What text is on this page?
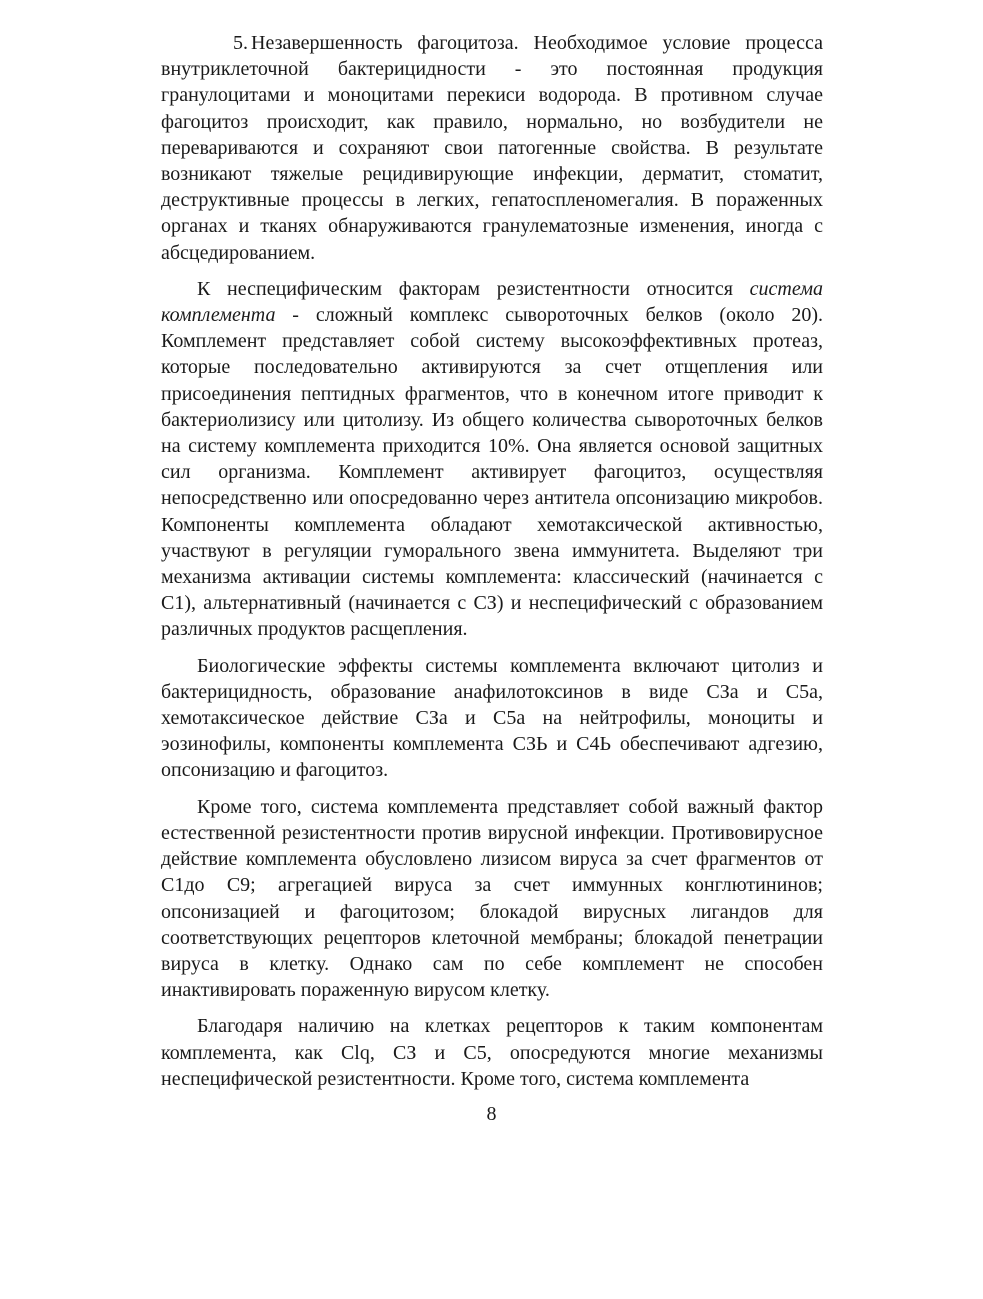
5. Незавершенность фагоцитоза. Необходимое условие процесса внутриклеточной бактерицидности - это постоянная продукция гранулоцитами и моноцитами перекиси водорода. В противном случае фагоцитоз происходит, как правило, нормально, но возбудители не перевариваются и сохраняют свои патогенные свойства. В результате возникают тяжелые рецидивирующие инфекции, дерматит, стоматит, деструктивные процессы в легких, гепатоспленомегалия. В пораженных органах и тканях обнаруживаются гранулематозные изменения, иногда с абсцедированием.

К неспецифическим факторам резистентности относится система комплемента - сложный комплекс сывороточных белков (около 20). Комплемент представляет собой систему высокоэффективных протеаз, которые последовательно активируются за счет отщепления или присоединения пептидных фрагментов, что в конечном итоге приводит к бактериолизису или цитолизу. Из общего количества сывороточных белков на систему комплемента приходится 10%. Она является основой защитных сил организма. Комплемент активирует фагоцитоз, осуществляя непосредственно или опосредованно через антитела опсонизацию микробов. Компоненты комплемента обладают хемотаксической активностью, участвуют в регуляции гуморального звена иммунитета. Выделяют три механизма активации системы комплемента: классический (начинается с С1), альтернативный (начинается с СЗ) и неспецифический с образованием различных продуктов расщепления.

Биологические эффекты системы комплемента включают цитолиз и бактерицидность, образование анафилотоксинов в виде СЗа и С5а, хемотаксическое действие СЗа и С5а на нейтрофилы, моноциты и эозинофилы, компоненты комплемента СЗЬ и С4Ь обеспечивают адгезию, опсонизацию и фагоцитоз.

Кроме того, система комплемента представляет собой важный фактор естественной резистентности против вирусной инфекции. Противовирусное действие комплемента обусловлено лизисом вируса за счет фрагментов от С1до С9; агрегацией вируса за счет иммунных конглютининов; опсонизацией и фагоцитозом; блокадой вирусных лигандов для соответствующих рецепторов клеточной мембраны; блокадой пенетрации вируса в клетку. Однако сам по себе комплемент не способен инактивировать пораженную вирусом клетку.

Благодаря наличию на клетках рецепторов к таким компонентам комплемента, как Clq, СЗ и С5, опосредуются многие механизмы неспецифической резистентности. Кроме того, система комплемента

8
